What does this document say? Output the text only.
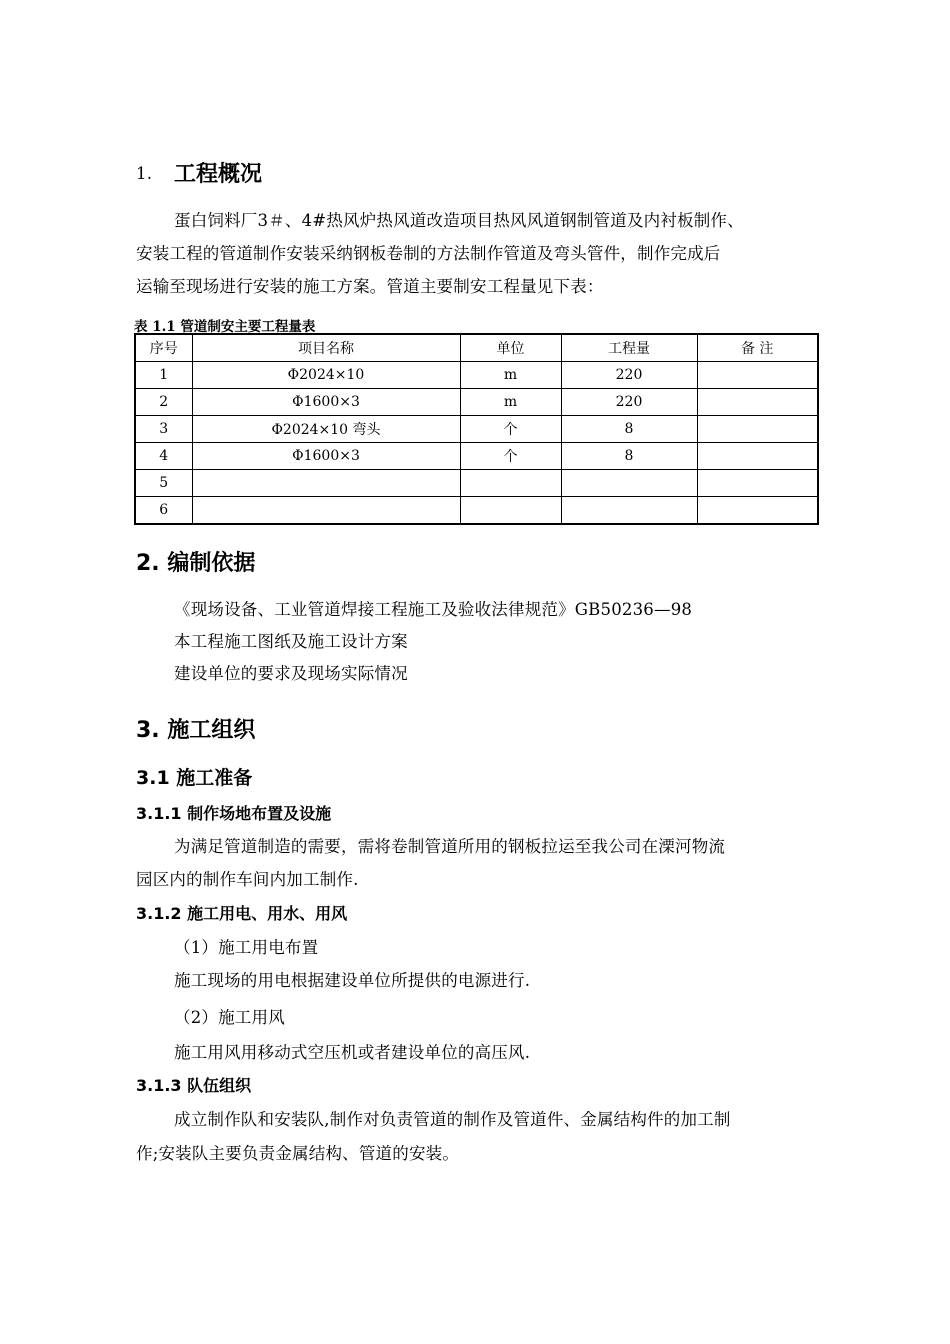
1. 工程概况
蛋白饲料厂3＃、4#热风炉热风道改造项目热风风道钢制管道及内衬板制作、
安装工程的管道制作安装采纳钢板卷制的方法制作管道及弯头管件，制作完成后
运输至现场进行安装的施工方案。管道主要制安工程量见下表：
表 1.1 管道制安主要工程量表
序号	项目名称	单位	工程量	备 注
1	Φ2024×10	m	220	
2	Φ1600×3	m	220	
3	Φ2024×10 弯头	个	8	
4	Φ1600×3	个	8	
5				
6				
2. 编制依据
《现场设备、工业管道焊接工程施工及验收法律规范》GB50236—98
本工程施工图纸及施工设计方案
建设单位的要求及现场实际情况
3. 施工组织
3.1 施工准备
3.1.1 制作场地布置及设施
为满足管道制造的需要，需将卷制管道所用的钢板拉运至我公司在溧河物流
园区内的制作车间内加工制作.
3.1.2 施工用电、用水、用风
（1）施工用电布置
施工现场的用电根据建设单位所提供的电源进行.
（2）施工用风
施工用风用移动式空压机或者建设单位的高压风.
3.1.3 队伍组织
成立制作队和安装队,制作对负责管道的制作及管道件、金属结构件的加工制
作;安装队主要负责金属结构、管道的安装。
